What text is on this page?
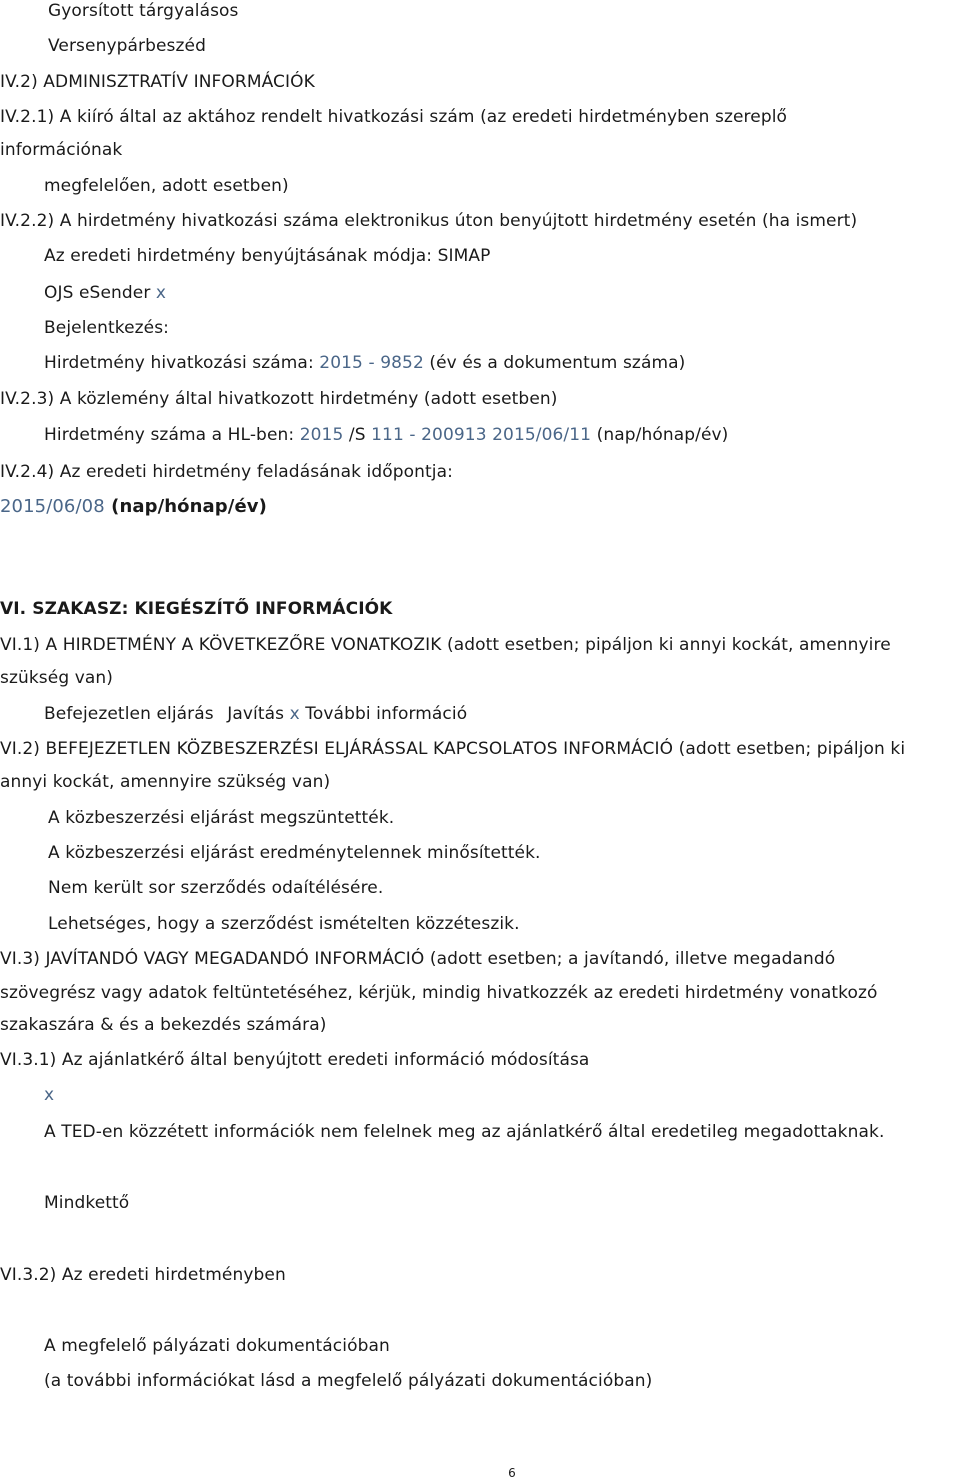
Gyorsított tárgyalásos
Versenypárbeszéd
IV.2) ADMINISZTRATÍV INFORMÁCIÓK
IV.2.1) A kiíró által az aktához rendelt hivatkozási szám (az eredeti hirdetményben szereplő
információnak
megfelelően, adott esetben)
IV.2.2) A hirdetmény hivatkozási száma elektronikus úton benyújtott hirdetmény esetén (ha ismert)
Az eredeti hirdetmény benyújtásának módja: SIMAP
OJS eSender x
Bejelentkezés:
Hirdetmény hivatkozási száma: 2015 - 9852 (év és a dokumentum száma)
IV.2.3) A közlemény által hivatkozott hirdetmény (adott esetben)
Hirdetmény száma a HL-ben: 2015 /S 111 - 200913 2015/06/11 (nap/hónap/év)
IV.2.4) Az eredeti hirdetmény feladásának időpontja:
2015/06/08 (nap/hónap/év)
VI. SZAKASZ: KIEGÉSZÍTŐ INFORMÁCIÓK
VI.1) A HIRDETMÉNY A KÖVETKEZŐRE VONATKOZIK (adott esetben; pipáljon ki annyi kockát, amennyire
szükség van)
Befejezetlen eljárás Javítás x További információ
VI.2) BEFEJEZETLEN KÖZBESZERZÉSI ELJÁRÁSSAL KAPCSOLATOS INFORMÁCIÓ (adott esetben; pipáljon ki
annyi kockát, amennyire szükség van)
A közbeszerzési eljárást megszüntették.
A közbeszerzési eljárást eredménytelennek minősítették.
Nem került sor szerződés odaítélésére.
Lehetséges, hogy a szerződést ismételten közzéteszik.
VI.3) JAVÍTANDÓ VAGY MEGADANDÓ INFORMÁCIÓ (adott esetben; a javítandó, illetve megadandó
szövegrész vagy adatok feltüntetéséhez, kérjük, mindig hivatkozzék az eredeti hirdetmény vonatkozó
szakaszára & és a bekezdés számára)
VI.3.1) Az ajánlatkérő által benyújtott eredeti információ módosítása
x
A TED-en közzétett információk nem felelnek meg az ajánlatkérő által eredetileg megadottaknak.
Mindkettő
VI.3.2) Az eredeti hirdetményben
A megfelelő pályázati dokumentációban
(a további információkat lásd a megfelelő pályázati dokumentációban)
6
